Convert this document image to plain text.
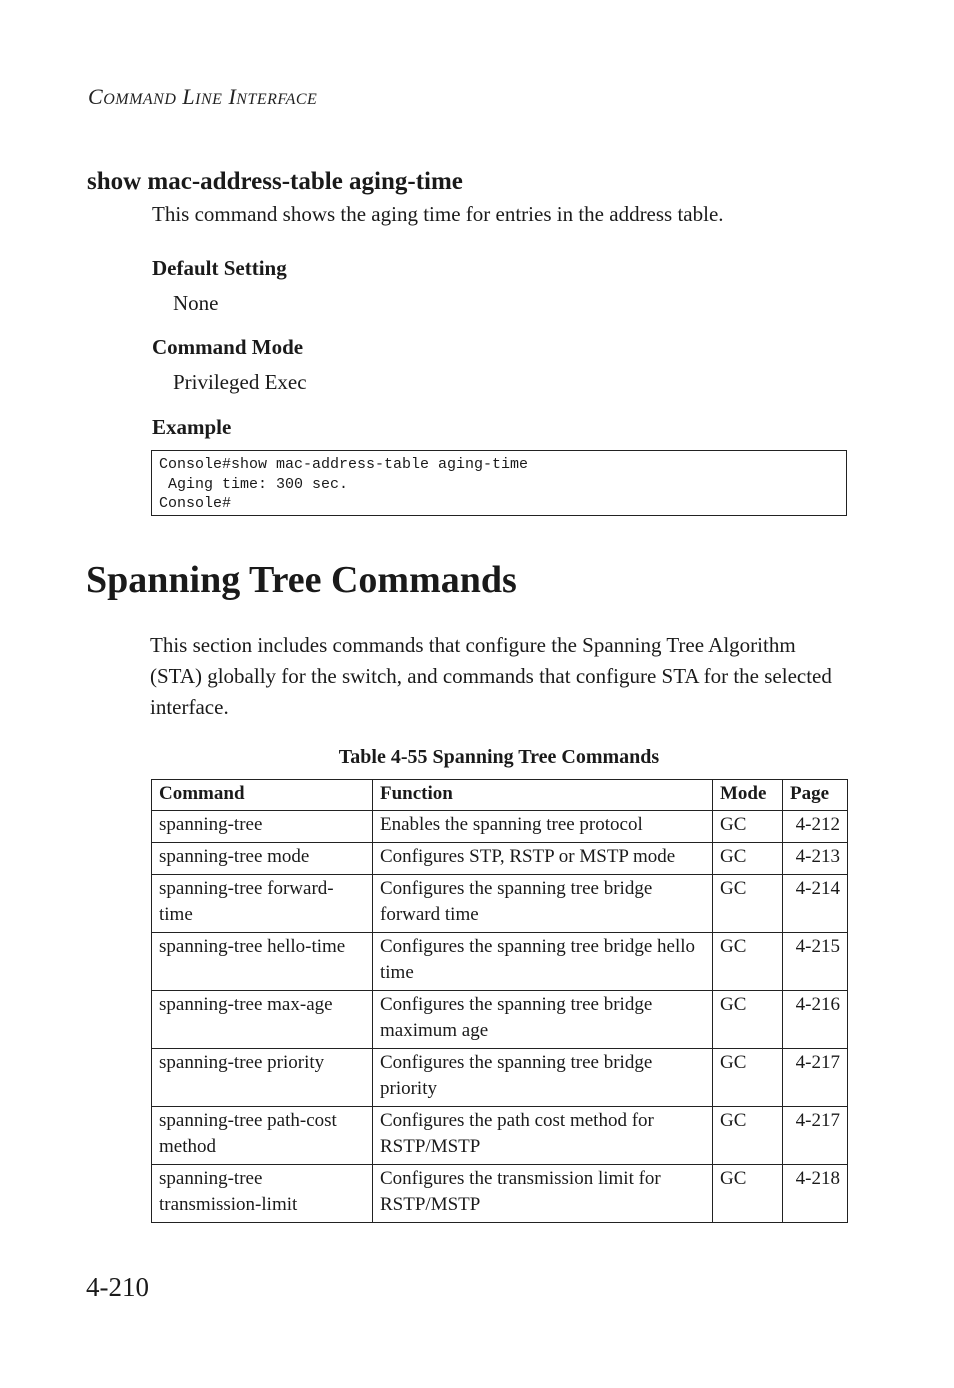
COMMAND LINE INTERFACE
show mac-address-table aging-time

This command shows the aging time for entries in the address table.

Default Setting

None

Command Mode

Privileged Exec

Example
Console#show mac-address-table aging-time
Aging time: 300 sec.
Console#
Spanning Tree Commands

This section includes commands that configure the Spanning Tree Algorithm (STA) globally for the switch, and commands that configure STA for the selected interface.

Table 4-55 Spanning Tree Commands

Command	Function	Mode	Page
spanning-tree	Enables the spanning tree protocol	GC	4-212
spanning-tree mode	Configures STP, RSTP or MSTP mode	GC	4-213
spanning-tree forward-time	Configures the spanning tree bridge forward time	GC	4-214
spanning-tree hello-time	Configures the spanning tree bridge hello time	GC	4-215
spanning-tree max-age	Configures the spanning tree bridge maximum age	GC	4-216
spanning-tree priority	Configures the spanning tree bridge priority	GC	4-217
spanning-tree path-cost method	Configures the path cost method for RSTP/MSTP	GC	4-217
spanning-tree transmission-limit	Configures the transmission limit for RSTP/MSTP	GC	4-218

4-210
